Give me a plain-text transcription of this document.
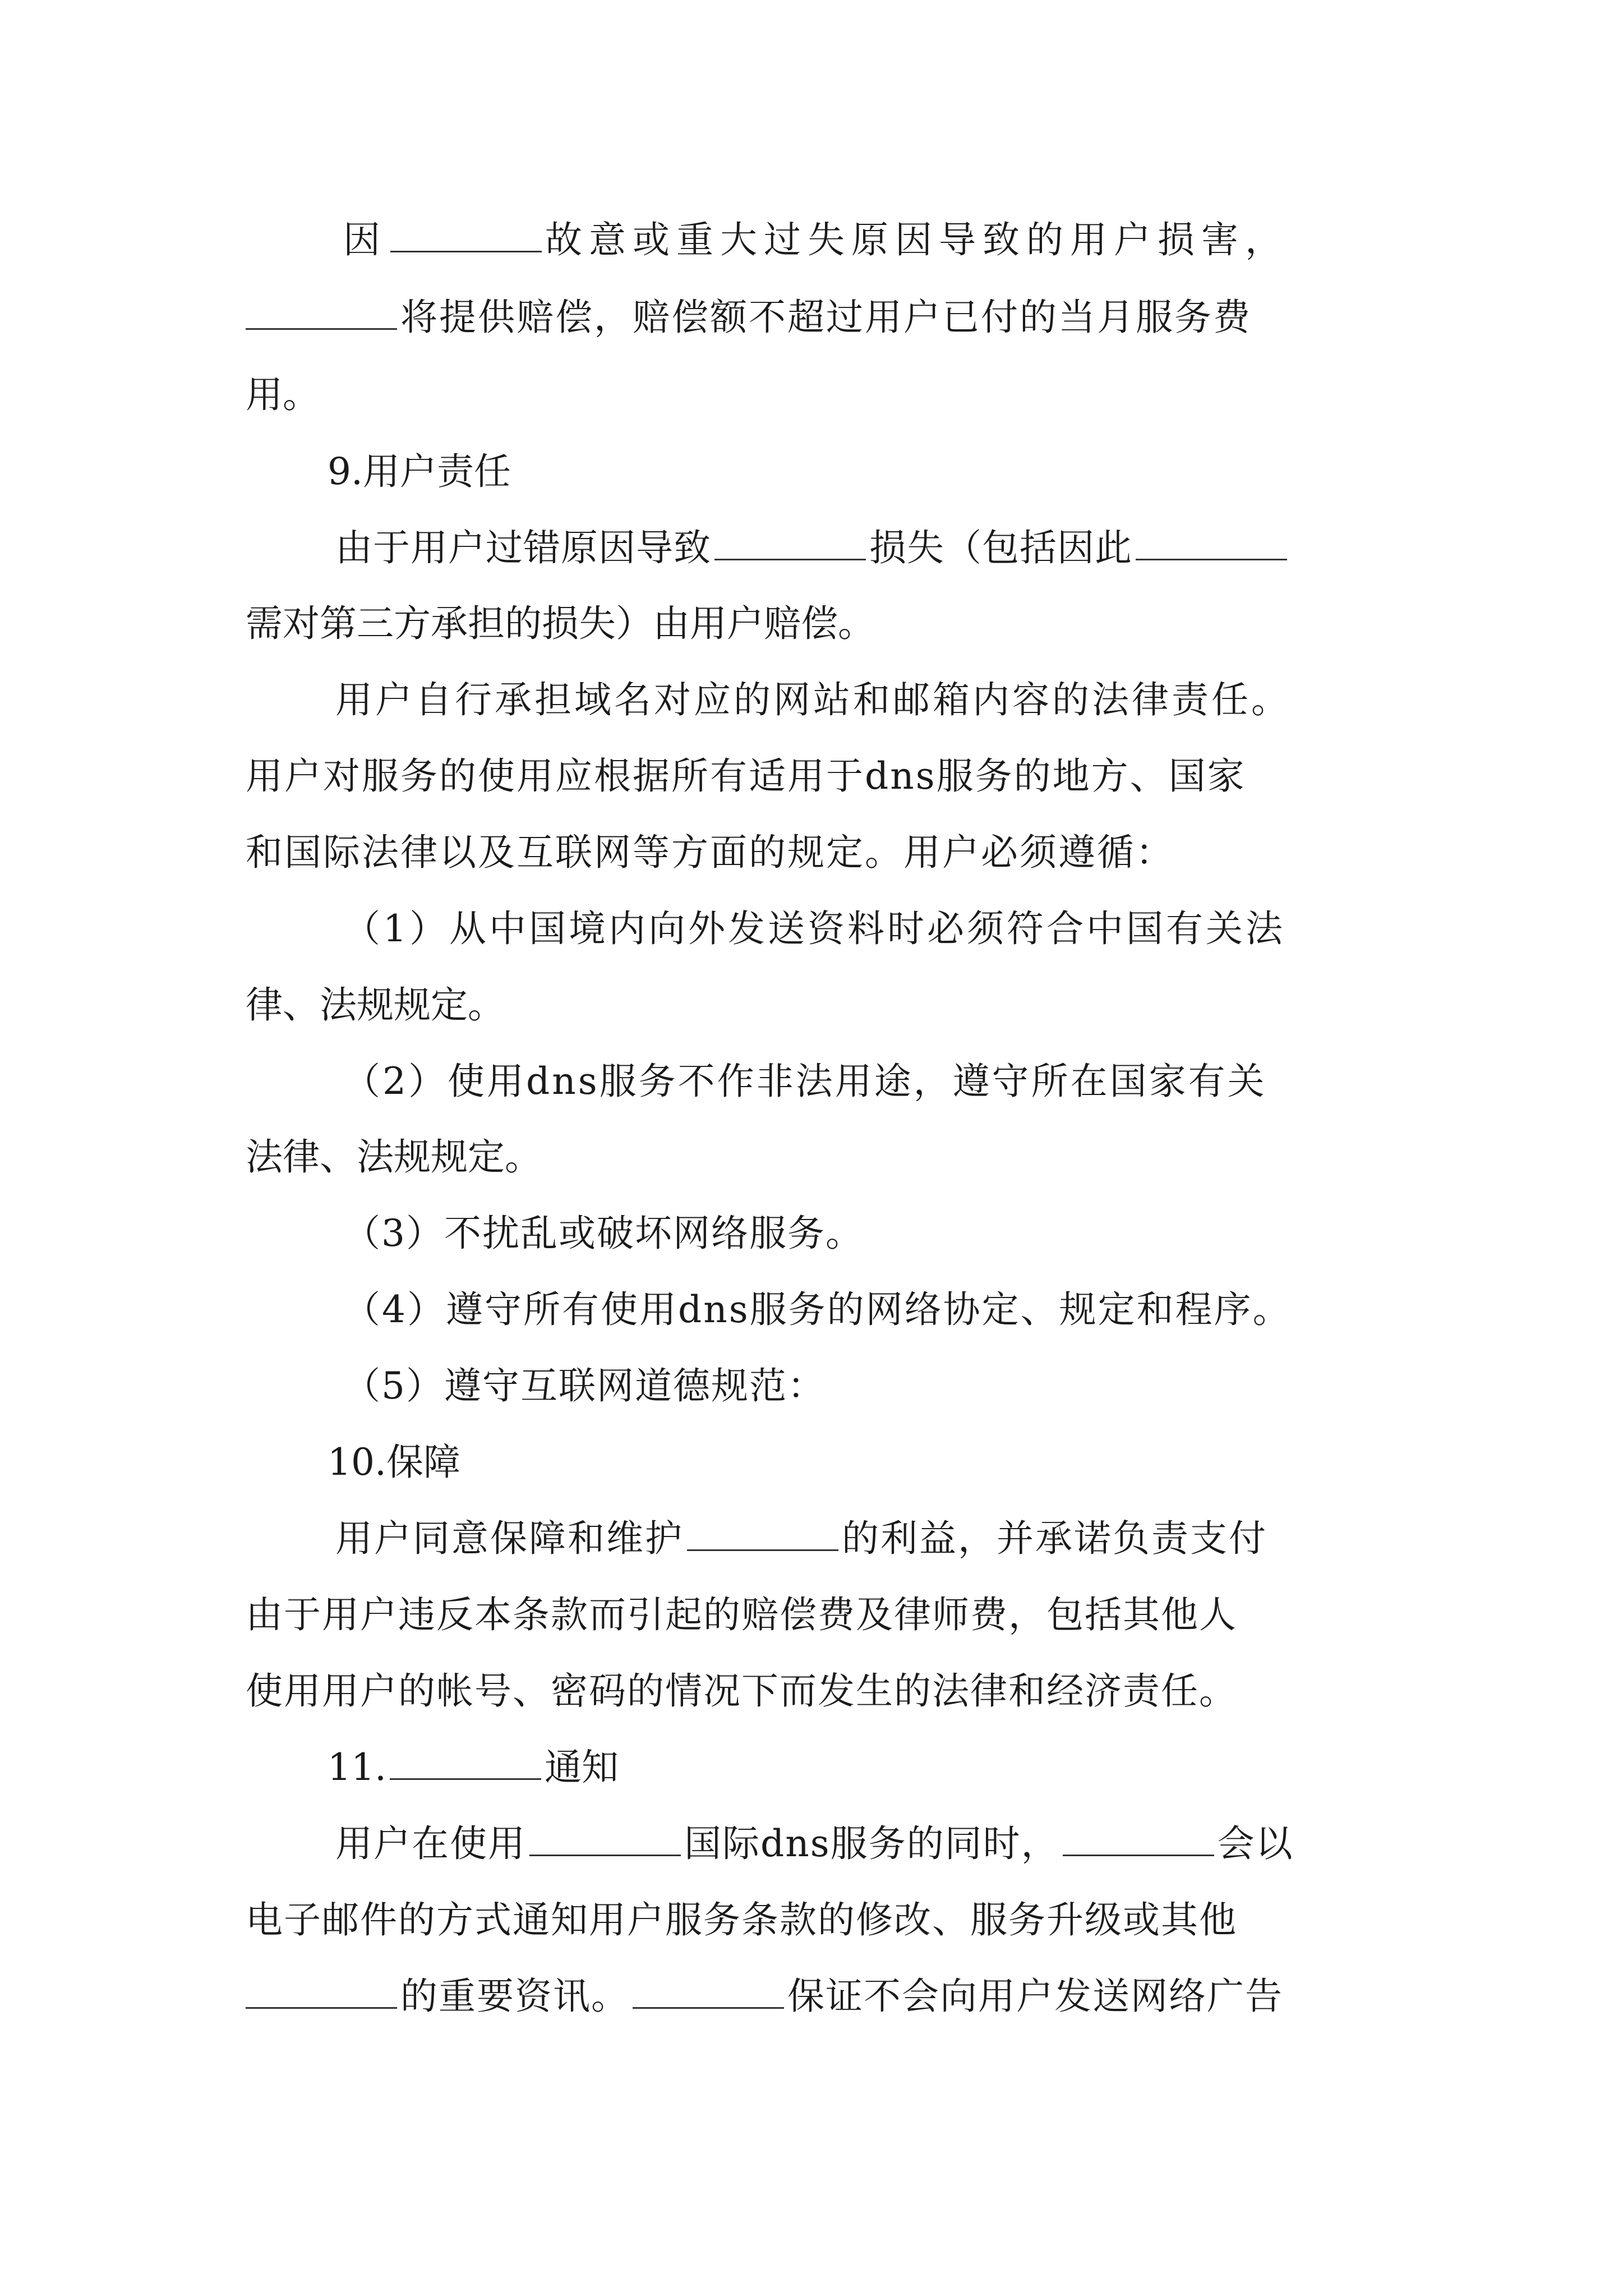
因	故意或重大过失原因导致的用户损害，
将提供赔偿，赔偿额不超过用户已付的当月服务费
用。
9.用户责任
由于用户过错原因导致	损失（包括因此
需对第三方承担的损失）由用户赔偿。
用户自行承担域名对应的网站和邮箱内容的法律责任。
用户对服务的使用应根据所有适用于dns服务的地方、国家
和国际法律以及互联网等方面的规定。用户必须遵循：
（1）从中国境内向外发送资料时必须符合中国有关法
律、法规规定。
（2）使用dns服务不作非法用途，遵守所在国家有关
法律、法规规定。
（3）不扰乱或破坏网络服务。
（4）遵守所有使用dns服务的网络协定、规定和程序。
（5）遵守互联网道德规范：
10.保障
用户同意保障和维护	的利益，并承诺负责支付
由于用户违反本条款而引起的赔偿费及律师费，包括其他人
使用用户的帐号、密码的情况下而发生的法律和经济责任。
11.	通知
用户在使用	国际dns服务的同时，	会以
电子邮件的方式通知用户服务条款的修改、服务升级或其他
的重要资讯。	保证不会向用户发送网络广告
